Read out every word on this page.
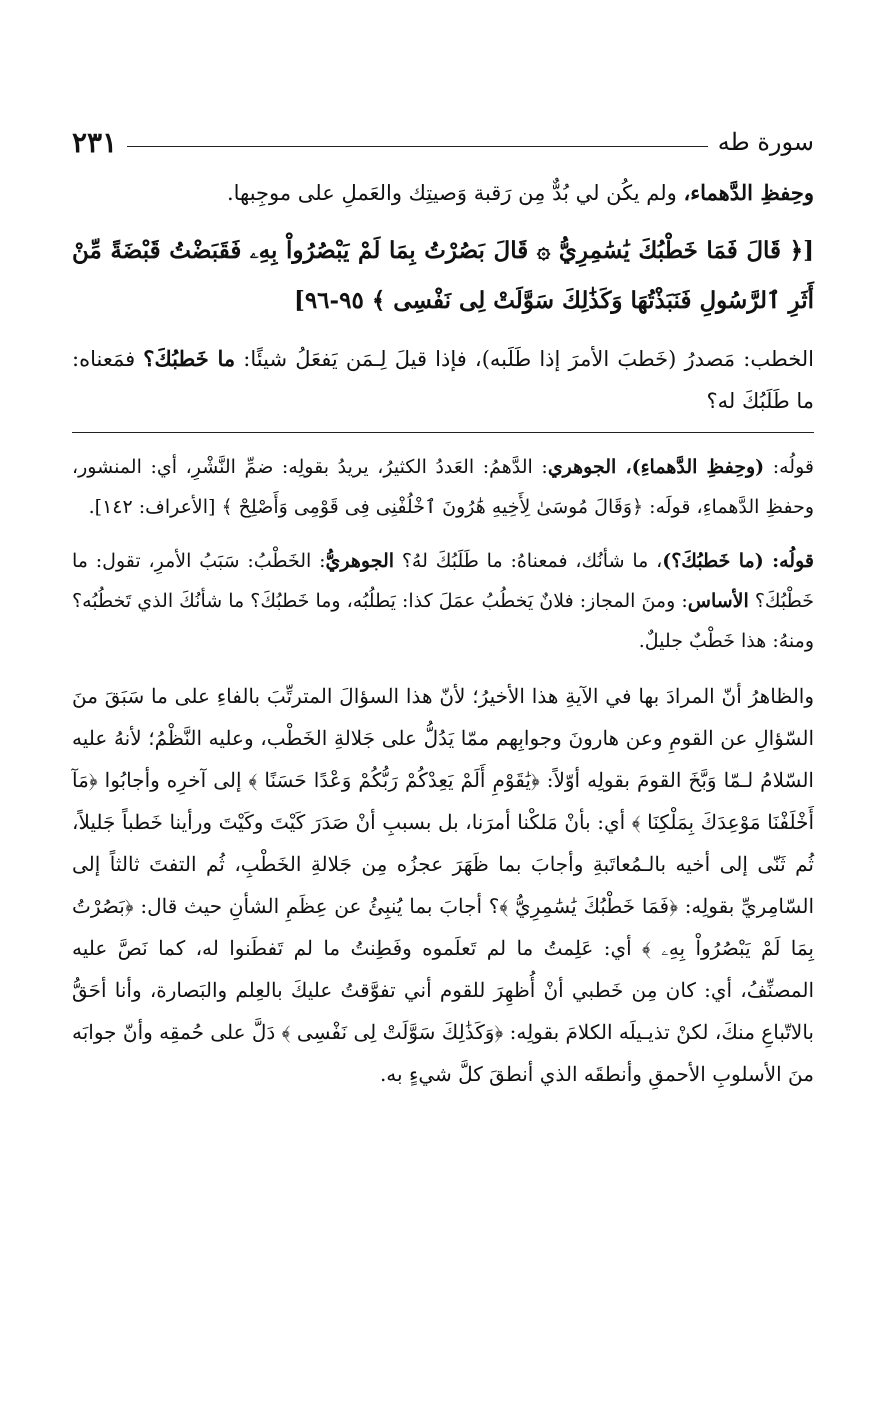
سورة طه
٢٣١

وحِفظِ الدَّهماء، ولم يكُن لي بُدٌّ مِن رَقبة وَصيتِك والعَملِ على موجِبها.

[﴿ قَالَ فَمَا خَطْبُكَ يَٰسَٰمِرِيُّ ۞ قَالَ بَصُرْتُ بِمَا لَمْ يَبْصُرُواْ بِهِۦ فَقَبَضْتُ قَبْضَةً مِّنْ أَثَرِ ٱلرَّسُولِ فَنَبَذْتُهَا وَكَذَٰلِكَ سَوَّلَتْ لِى نَفْسِى ﴾ ٩٥-٩٦]

الخطب: مَصدرُ (خَطبَ الأمرَ إذا طَلَبه)، فإذا قيلَ لِـمَن يَفعَلُ شيئًا: ما خَطبُكَ؟ فمَعناه: ما طَلَبُكَ له؟

قولُه: (وحِفظِ الدَّهماءِ)، الجوهري: الدَّهمُ: العَددُ الكثيرُ، يريدُ بقولِه: ضمِّ النَّشْرِ، أي: المنشور، وحفظِ الدَّهماءِ، قولَه: ﴿وَقَالَ مُوسَىٰ لِأَخِيهِ هَٰرُونَ ٱخْلُفْنِى فِى قَوْمِى وَأَصْلِحْ ﴾ [الأعراف: ١٤٢].

قولُه: (ما خَطبُكَ؟)، ما شأنُك، فمعناهُ: ما طَلَبُكَ لهُ؟ الجوهريُّ: الخَطْبُ: سَبَبُ الأمرِ، تقول: ما خَطْبُكَ؟ الأساس: ومنَ المجاز: فلانٌ يَخطُبُ عمَلَ كذا: يَطلُبُه، وما خَطبُكَ؟ ما شأنُكَ الذي تَخطُبُه؟ ومنهُ: هذا خَطْبٌ جليلٌ.

والظاهرُ أنّ المرادَ بها في الآيةِ هذا الأخيرُ؛ لأنّ هذا السؤالَ المترتِّبَ بالفاءِ على ما سَبَقَ منَ السّؤالِ عن القومِ وعن هارونَ وجوابِهم ممّا يَدُلُّ على جَلالةِ الخَطْب، وعليه النَّظْمُ؛ لأنهُ عليه السّلامُ لـمّا وَبَّخَ القومَ بقولِه أوّلاً: ﴿يَٰقَوْمِ أَلَمْ يَعِدْكُمْ رَبُّكُمْ وَعْدًا حَسَنًا ﴾ إلى آخرِه وأجابُوا ﴿مَآ أَخْلَفْنَا مَوْعِدَكَ بِمَلْكِنَا ﴾ أي: بأنْ مَلكْنا أمرَنا، بل بسببِ أنْ صَدَرَ كَيْتَ وكَيْتَ ورأينا خَطباً جَليلاً، ثُم ثَنّى إلى أخيه بالـمُعاتَبةِ وأجابَ بما ظَهَرَ عجزُه مِن جَلالةِ الخَطْبِ، ثُم التفتَ ثالثاً إلى السّامِريِّ بقولِه: ﴿فَمَا خَطْبُكَ يَٰسَٰمِرِيُّ ﴾؟ أجابَ بما يُنبِئُ عن عِظَمِ الشأنِ حيث قال: ﴿بَصُرْتُ بِمَا لَمْ يَبْصُرُواْ بِهِۦ ﴾ أي: عَلِمتُ ما لم تَعلَموه وفَطِنتُ ما لم تَفطَنوا له، كما نَصَّ عليه المصنِّفُ، أي: كان مِن خَطبي أنْ أُظهِرَ للقوم أني تفوَّقتُ عليكَ بالعِلم والبَصارة، وأنا أحَقُّ بالاتّباعِ منكَ، لكنْ تذيـيلَه الكلامَ بقولِه: ﴿وَكَذَٰلِكَ سَوَّلَتْ لِى نَفْسِى ﴾ دَلَّ على حُمقِه وأنّ جوابَه منَ الأسلوبِ الأحمقِ وأنطقَه الذي أنطقَ كلَّ شيءٍ به.
